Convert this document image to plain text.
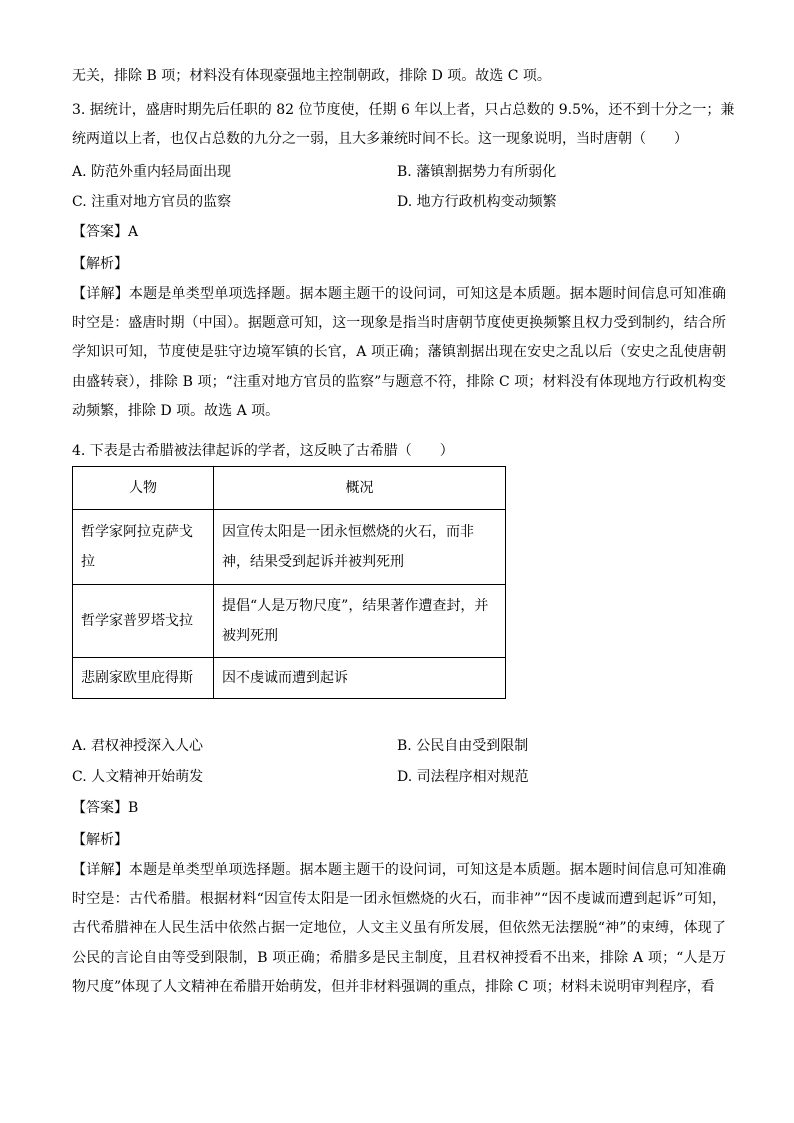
无关，排除 B 项；材料没有体现豪强地主控制朝政，排除 D 项。故选 C 项。
3. 据统计，盛唐时期先后任职的 82 位节度使，任期 6 年以上者，只占总数的 9.5%，还不到十分之一；兼
统两道以上者，也仅占总数的九分之一弱，且大多兼统时间不长。这一现象说明，当时唐朝（　　）
A. 防范外重内轻局面出现	B. 藩镇割据势力有所弱化
C. 注重对地方官员的监察	D. 地方行政机构变动频繁
【答案】A
【解析】
【详解】本题是单类型单项选择题。据本题主题干的设问词，可知这是本质题。据本题时间信息可知准确时空是：盛唐时期（中国）。据题意可知，这一现象是指当时唐朝节度使更换频繁且权力受到制约，结合所学知识可知，节度使是驻守边境军镇的长官，A 项正确；藩镇割据出现在安史之乱以后（安史之乱使唐朝由盛转衰），排除 B 项；“注重对地方官员的监察”与题意不符，排除 C 项；材料没有体现地方行政机构变动频繁，排除 D 项。故选 A 项。
4. 下表是古希腊被法律起诉的学者，这反映了古希腊（　　）
人物	概况
哲学家阿拉克萨戈拉	因宣传太阳是一团永恒燃烧的火石，而非神，结果受到起诉并被判死刑
哲学家普罗塔戈拉	提倡“人是万物尺度”，结果著作遭查封，并被判死刑
悲剧家欧里庇得斯	因不虔诚而遭到起诉
A. 君权神授深入人心	B. 公民自由受到限制
C. 人文精神开始萌发	D. 司法程序相对规范
【答案】B
【解析】
【详解】本题是单类型单项选择题。据本题主题干的设问词，可知这是本质题。据本题时间信息可知准确时空是：古代希腊。根据材料“因宣传太阳是一团永恒燃烧的火石，而非神”“因不虔诚而遭到起诉”可知，古代希腊神在人民生活中依然占据一定地位，人文主义虽有所发展，但依然无法摆脱“神”的束缚，体现了公民的言论自由等受到限制，B 项正确；希腊多是民主制度，且君权神授看不出来，排除 A 项；“人是万物尺度”体现了人文精神在希腊开始萌发，但并非材料强调的重点，排除 C 项；材料未说明审判程序，看
